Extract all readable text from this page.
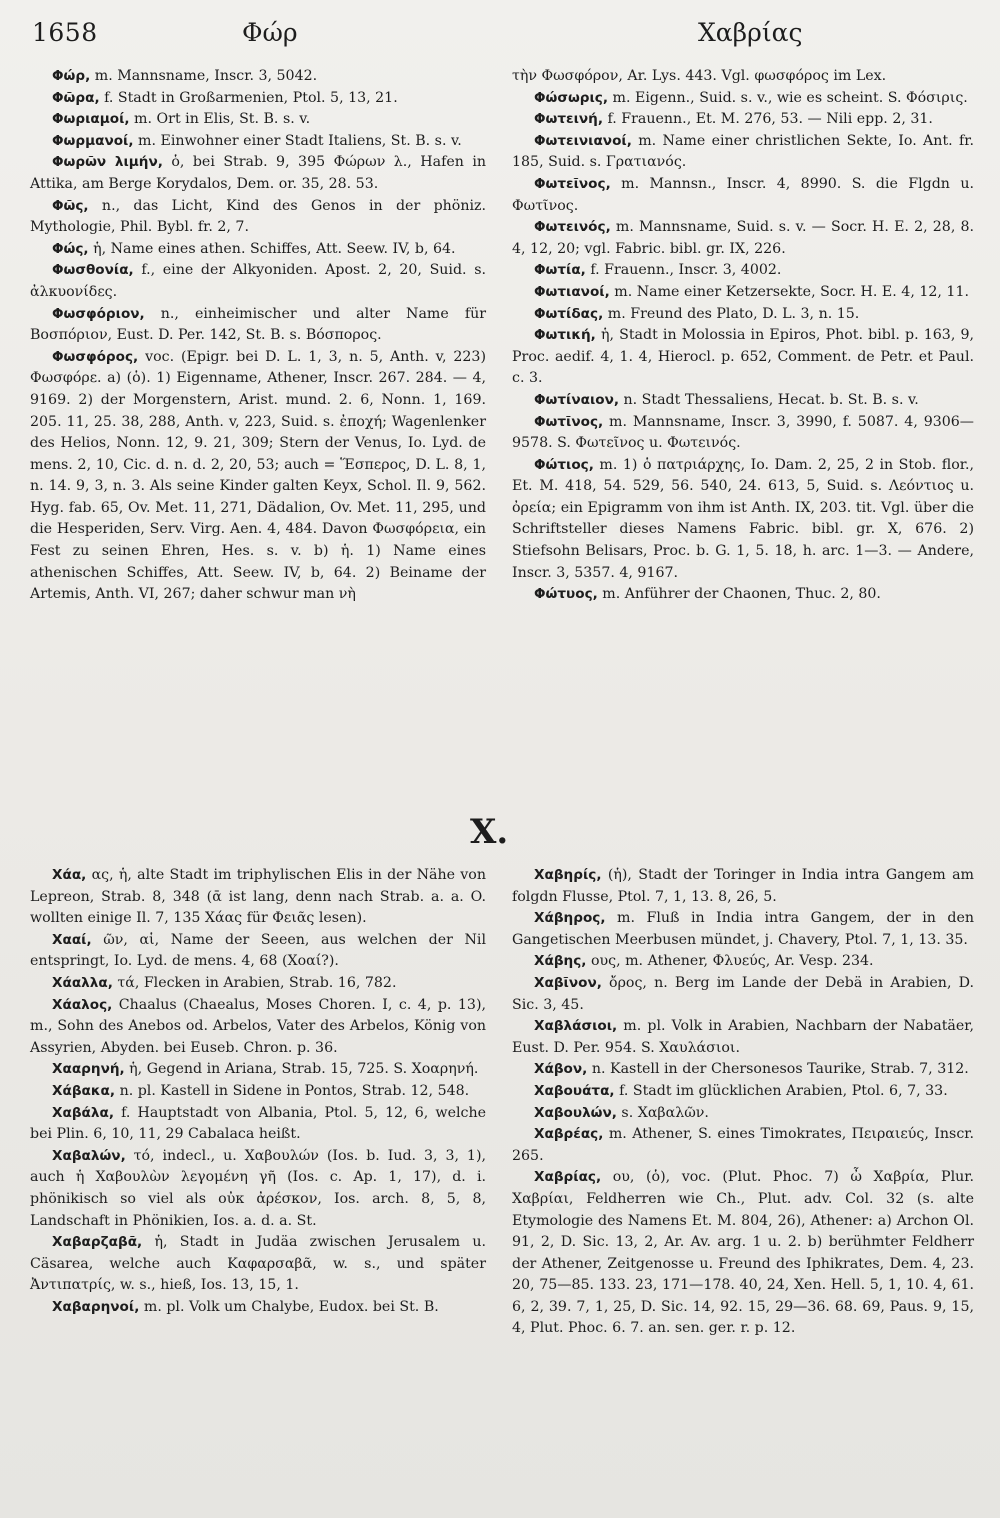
1658	Φώρ	Χαβρίας

Φώρ, m. Mannsname, Inscr. 3, 5042.

Φῶρα, f. Stadt in Großarmenien, Ptol. 5, 13, 21.

Φωριαμοί, m. Ort in Elis, St. B. s. v.

Φωρμανοί, m. Einwohner einer Stadt Italiens, St. B. s. v.

Φωρῶν λιμήν, ὁ, bei Strab. 9, 395 Φώρων λ., Hafen in Attika, am Berge Korydalos, Dem. or. 35, 28. 53.

Φῶς, n., das Licht, Kind des Genos in der phöniz. Mythologie, Phil. Bybl. fr. 2, 7.

Φώς, ἡ, Name eines athen. Schiffes, Att. Seew. IV, b, 64.

Φωσθονία, f., eine der Alkyoniden. Apost. 2, 20, Suid. s. ἀλκυονίδες.

Φωσφόριον, n., einheimischer und alter Name für Βοσπόριον, Eust. D. Per. 142, St. B. s. Βόσπορος.

Φωσφόρος, voc. (Epigr. bei D. L. 1, 3, n. 5, Anth. v, 223) Φωσφόρε. a) (ὁ). 1) Eigenname, Athener, Inscr. 267. 284. — 4, 9169. 2) der Morgenstern, Arist. mund. 2. 6, Nonn. 1, 169. 205. 11, 25. 38, 288, Anth. v, 223, Suid. s. ἐποχή; Wagenlenker des Helios, Nonn. 12, 9. 21, 309; Stern der Venus, Io. Lyd. de mens. 2, 10, Cic. d. n. d. 2, 20, 53; auch = Ἕσπερος, D. L. 8, 1, n. 14. 9, 3, n. 3. Als seine Kinder galten Keyx, Schol. Il. 9, 562. Hyg. fab. 65, Ov. Met. 11, 271, Dädalion, Ov. Met. 11, 295, und die Hesperiden, Serv. Virg. Aen. 4, 484. Davon Φωσφόρεια, ein Fest zu seinen Ehren, Hes. s. v. b) ἡ. 1) Name eines athenischen Schiffes, Att. Seew. IV, b, 64. 2) Beiname der Artemis, Anth. VI, 267; daher schwur man νὴ

τὴν Φωσφόρον, Ar. Lys. 443. Vgl. φωσφόρος im Lex.

Φώσωρις, m. Eigenn., Suid. s. v., wie es scheint. S. Φόσιρις.

Φωτεινή, f. Frauenn., Et. M. 276, 53. — Nili epp. 2, 31.

Φωτεινιανοί, m. Name einer christlichen Sekte, Io. Ant. fr. 185, Suid. s. Γρατιανός.

Φωτεῖνος, m. Mannsn., Inscr. 4, 8990. S. die Flgdn u. Φωτῖνος.

Φωτεινός, m. Mannsname, Suid. s. v. — Socr. H. E. 2, 28, 8. 4, 12, 20; vgl. Fabric. bibl. gr. IX, 226.

Φωτία, f. Frauenn., Inscr. 3, 4002.

Φωτιανοί, m. Name einer Ketzersekte, Socr. H. E. 4, 12, 11.

Φωτίδας, m. Freund des Plato, D. L. 3, n. 15.

Φωτική, ἡ, Stadt in Molossia in Epiros, Phot. bibl. p. 163, 9, Proc. aedif. 4, 1. 4, Hierocl. p. 652, Comment. de Petr. et Paul. c. 3.

Φωτίναιον, n. Stadt Thessaliens, Hecat. b. St. B. s. v.

Φωτῖνος, m. Mannsname, Inscr. 3, 3990, f. 5087. 4, 9306—9578. S. Φωτεῖνος u. Φωτεινός.

Φώτιος, m. 1) ὁ πατριάρχης, Io. Dam. 2, 25, 2 in Stob. flor., Et. M. 418, 54. 529, 56. 540, 24. 613, 5, Suid. s. Λεόντιος u. ὀρεία; ein Epigramm von ihm ist Anth. IX, 203. tit. Vgl. über die Schriftsteller dieses Namens Fabric. bibl. gr. X, 676. 2) Stiefsohn Belisars, Proc. b. G. 1, 5. 18, h. arc. 1—3. — Andere, Inscr. 3, 5357. 4, 9167.

Φώτυος, m. Anführer der Chaonen, Thuc. 2, 80.

X.

Χάα, ας, ἡ, alte Stadt im triphylischen Elis in der Nähe von Lepreon, Strab. 8, 348 (ᾱ ist lang, denn nach Strab. a. a. O. wollten einige Il. 7, 135 Χάας für Φειᾶς lesen).

Χααί, ῶν, αἱ, Name der Seeen, aus welchen der Nil entspringt, Io. Lyd. de mens. 4, 68 (Χοαί?).

Χάαλλα, τά, Flecken in Arabien, Strab. 16, 782.

Χάαλος, Chaalus (Chaealus, Moses Choren. I, c. 4, p. 13), m., Sohn des Anebos od. Arbelos, Vater des Arbelos, König von Assyrien, Abyden. bei Euseb. Chron. p. 36.

Χααρηνή, ἡ, Gegend in Ariana, Strab. 15, 725. S. Χοαρηνή.

Χάβακα, n. pl. Kastell in Sidene in Pontos, Strab. 12, 548.

Χαβάλα, f. Hauptstadt von Albania, Ptol. 5, 12, 6, welche bei Plin. 6, 10, 11, 29 Cabalaca heißt.

Χαβαλών, τό, indecl., u. Χαβουλών (Ios. b. Iud. 3, 3, 1), auch ἡ Χαβουλὼν λεγομένη γῆ (Ios. c. Ap. 1, 17), d. i. phönikisch so viel als οὐκ ἀρέσκον, Ios. arch. 8, 5, 8, Landschaft in Phönikien, Ios. a. d. a. St.

Χαβαρζαβᾶ, ἡ, Stadt in Judäa zwischen Jerusalem u. Cäsarea, welche auch Καφαρσαβᾶ, w. s., und später Ἀντιπατρίς, w. s., hieß, Ios. 13, 15, 1.

Χαβαρηνοί, m. pl. Volk um Chalybe, Eudox. bei St. B.

Χαβηρίς, (ἡ), Stadt der Toringer in India intra Gangem am folgdn Flusse, Ptol. 7, 1, 13. 8, 26, 5.

Χάβηρος, m. Fluß in India intra Gangem, der in den Gangetischen Meerbusen mündet, j. Chavery, Ptol. 7, 1, 13. 35.

Χάβης, ους, m. Athener, Φλυεύς, Ar. Vesp. 234.

Χαβῖνον, ὄρος, n. Berg im Lande der Debä in Arabien, D. Sic. 3, 45.

Χαβλάσιοι, m. pl. Volk in Arabien, Nachbarn der Nabatäer, Eust. D. Per. 954. S. Χαυλάσιοι.

Χάβον, n. Kastell in der Chersonesos Taurike, Strab. 7, 312.

Χαβουάτα, f. Stadt im glücklichen Arabien, Ptol. 6, 7, 33.

Χαβουλών, s. Χαβαλῶν.

Χαβρέας, m. Athener, S. eines Timokrates, Πειραιεύς, Inscr. 265.

Χαβρίας, ου, (ὁ), voc. (Plut. Phoc. 7) ὦ Χαβρία, Plur. Χαβρίαι, Feldherren wie Ch., Plut. adv. Col. 32 (s. alte Etymologie des Namens Et. M. 804, 26), Athener: a) Archon Ol. 91, 2, D. Sic. 13, 2, Ar. Av. arg. 1 u. 2. b) berühmter Feldherr der Athener, Zeitgenosse u. Freund des Iphikrates, Dem. 4, 23. 20, 75—85. 133. 23, 171—178. 40, 24, Xen. Hell. 5, 1, 10. 4, 61. 6, 2, 39. 7, 1, 25, D. Sic. 14, 92. 15, 29—36. 68. 69, Paus. 9, 15, 4, Plut. Phoc. 6. 7. an. sen. ger. r. p. 12.
